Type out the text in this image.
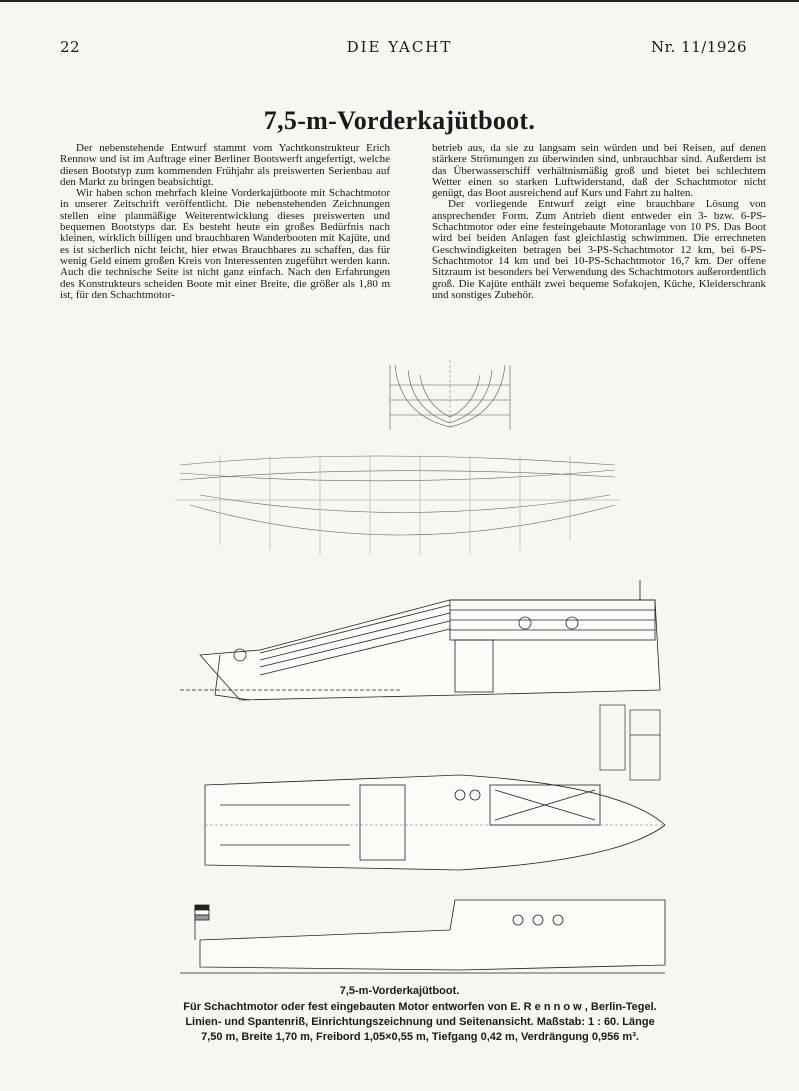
22	DIE YACHT	Nr. 11/1926
7,5-m-Vorderkajütboot.

Der nebenstehende Entwurf stammt vom Yachtkonstrukteur Erich Rennow und ist im Auftrage einer Berliner Bootswerft angefertigt, welche diesen Bootstyp zum kommenden Frühjahr als preiswerten Serienbau auf den Markt zu bringen beabsichtigt.

Wir haben schon mehrfach kleine Vorderkajütboote mit Schachtmotor in unserer Zeitschrift veröffentlicht. Die nebenstehenden Zeichnungen stellen eine planmäßige Weiterentwicklung dieses preiswerten und bequemen Bootstyps dar. Es besteht heute ein großes Bedürfnis nach kleinen, wirklich billigen und brauchbaren Wanderbooten mit Kajüte, und es ist sicherlich nicht leicht, hier etwas Brauchbares zu schaffen, das für wenig Geld einem großen Kreis von Interessenten zugeführt werden kann. Auch die technische Seite ist nicht ganz einfach. Nach den Erfahrungen des Konstrukteurs scheiden Boote mit einer Breite, die größer als 1,80 m ist, für den Schachtmotor-

betrieb aus, da sie zu langsam sein würden und bei Reisen, auf denen stärkere Strömungen zu überwinden sind, unbrauchbar sind. Außerdem ist das Überwasserschiff verhältnismäßig groß und bietet bei schlechtem Wetter einen so starken Luftwiderstand, daß der Schachtmotor nicht genügt, das Boot ausreichend auf Kurs und Fahrt zu halten.

Der vorliegende Entwurf zeigt eine brauchbare Lösung von ansprechender Form. Zum Antrieb dient entweder ein 3- bzw. 6-PS-Schachtmotor oder eine festeingebaute Motoranlage von 10 PS. Das Boot wird bei beiden Anlagen fast gleichlastig schwimmen. Die errechneten Geschwindigkeiten betragen bei 3-PS-Schachtmotor 12 km, bei 6-PS-Schachtmotor 14 km und bei 10-PS-Schachtmotor 16,7 km. Der offene Sitzraum ist besonders bei Verwendung des Schachtmotors außerordentlich groß. Die Kajüte enthält zwei bequeme Sofakojen, Küche, Kleiderschrank und sonstiges Zubehör.

7,5-m-Vorderkajütboot.
Für Schachtmotor oder fest eingebauten Motor entworfen von E. R e n n o w , Berlin-Tegel.
Linien- und Spantenriß, Einrichtungszeichnung und Seitenansicht. Maßstab: 1 : 60. Länge
7,50 m, Breite 1,70 m, Freibord 1,05×0,55 m, Tiefgang 0,42 m, Verdrängung 0,956 m³.
